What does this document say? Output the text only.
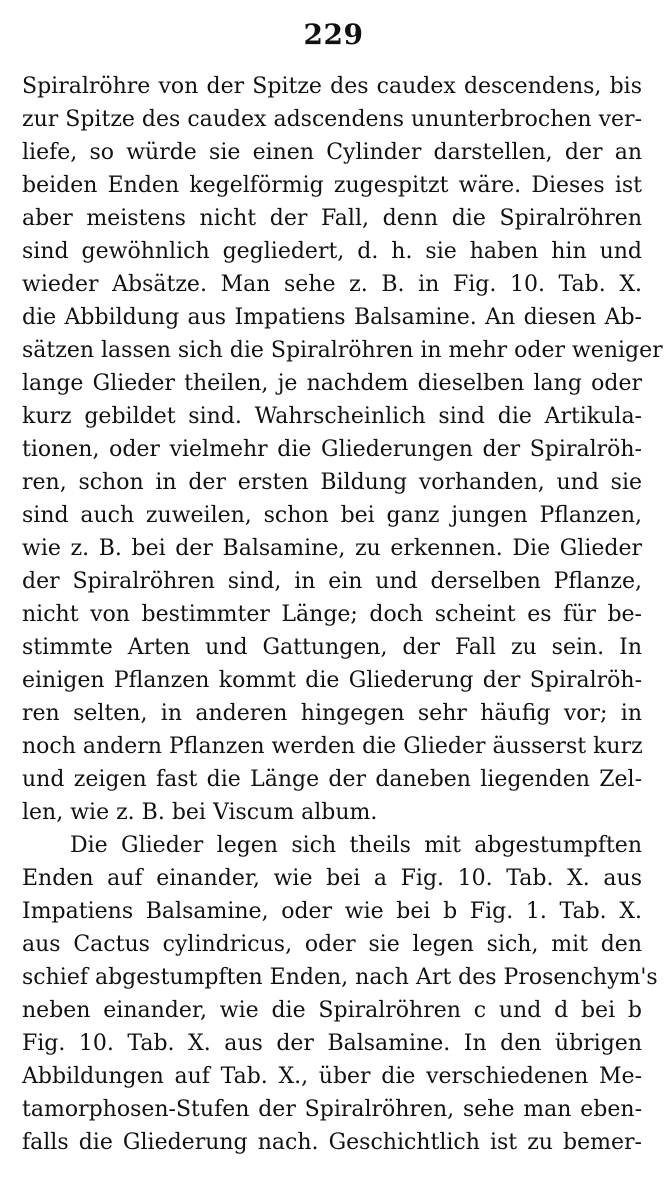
229
Spiralröhre von der Spitze des caudex descendens, bis
zur Spitze des caudex adscendens ununterbrochen ver-
liefe, so würde sie einen Cylinder darstellen, der an
beiden Enden kegelförmig zugespitzt wäre. Dieses ist
aber meistens nicht der Fall, denn die Spiralröhren
sind gewöhnlich gegliedert, d. h. sie haben hin und
wieder Absätze. Man sehe z. B. in Fig. 10. Tab. X.
die Abbildung aus Impatiens Balsamine. An diesen Ab-
sätzen lassen sich die Spiralröhren in mehr oder weniger
lange Glieder theilen, je nachdem dieselben lang oder
kurz gebildet sind. Wahrscheinlich sind die Artikula-
tionen, oder vielmehr die Gliederungen der Spiralröh-
ren, schon in der ersten Bildung vorhanden, und sie
sind auch zuweilen, schon bei ganz jungen Pflanzen,
wie z. B. bei der Balsamine, zu erkennen. Die Glieder
der Spiralröhren sind, in ein und derselben Pflanze,
nicht von bestimmter Länge; doch scheint es für be-
stimmte Arten und Gattungen, der Fall zu sein. In
einigen Pflanzen kommt die Gliederung der Spiralröh-
ren selten, in anderen hingegen sehr häufig vor; in
noch andern Pflanzen werden die Glieder äusserst kurz
und zeigen fast die Länge der daneben liegenden Zel-
len, wie z. B. bei Viscum album.
Die Glieder legen sich theils mit abgestumpften
Enden auf einander, wie bei a Fig. 10. Tab. X. aus
Impatiens Balsamine, oder wie bei b Fig. 1. Tab. X.
aus Cactus cylindricus, oder sie legen sich, mit den
schief abgestumpften Enden, nach Art des Prosenchym's
neben einander, wie die Spiralröhren c und d bei b
Fig. 10. Tab. X. aus der Balsamine. In den übrigen
Abbildungen auf Tab. X., über die verschiedenen Me-
tamorphosen-Stufen der Spiralröhren, sehe man eben-
falls die Gliederung nach. Geschichtlich ist zu bemer-
